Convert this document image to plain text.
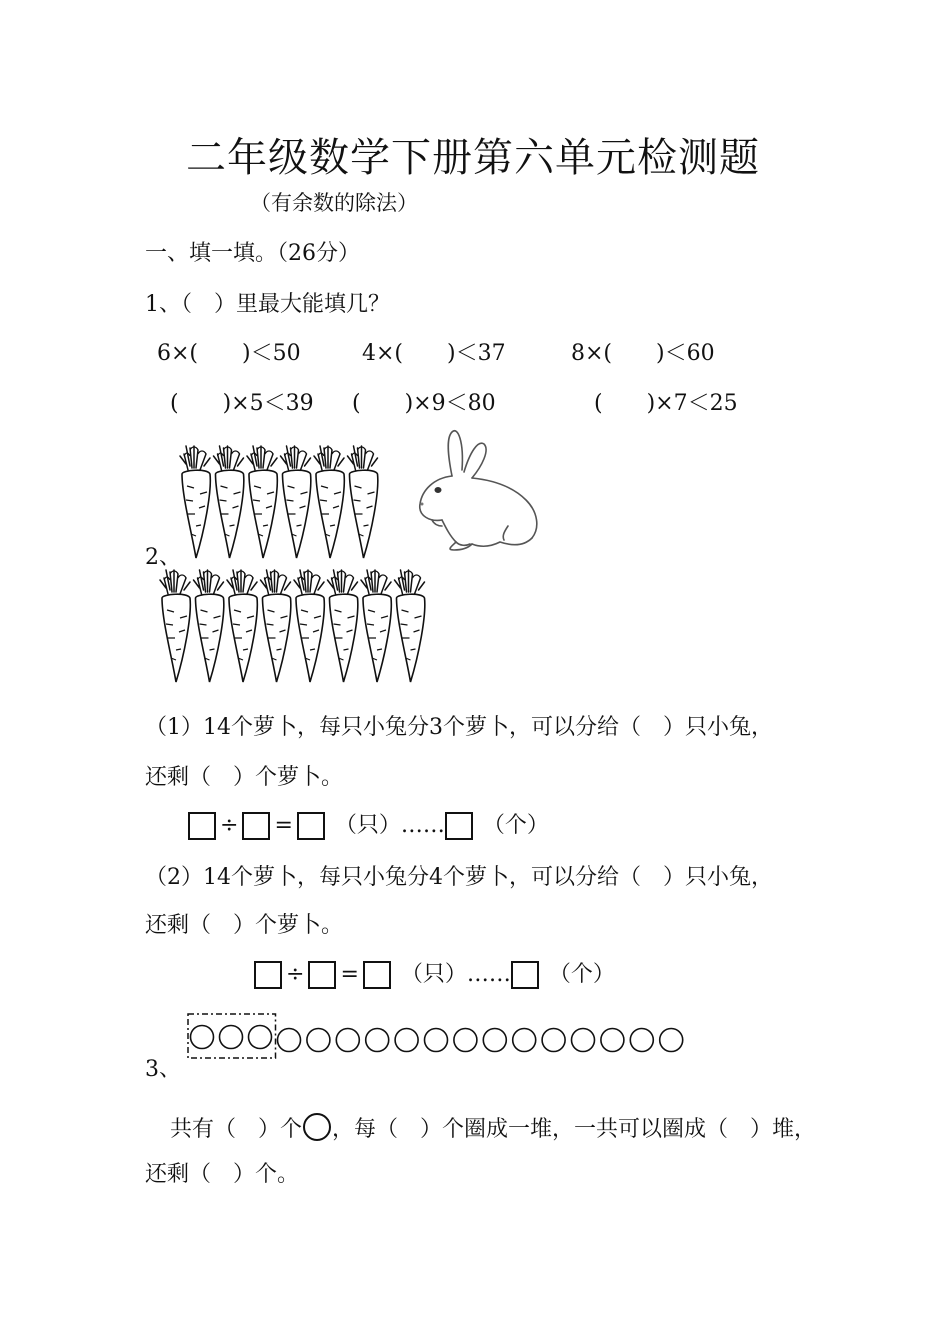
二年级数学下册第六单元检测题
（有余数的除法）
一、填一填。（26分）
1、（　）里最大能填几？
6×(　　)＜50	4×(　　)＜37	8×(　　)＜60
(　　)×5＜39 (　　)×9＜80	(　　)×7＜25
2、
（1）14个萝卜，每只小兔分3个萝卜，可以分给（　）只小兔，
还剩（　）个萝卜。
÷ = （只）…… （个）
（2）14个萝卜，每只小兔分4个萝卜，可以分给（　）只小兔，
还剩（　）个萝卜。
÷ = （只）…… （个）
3、
共有（　）个 ，每（　）个圈成一堆，一共可以圈成（　）堆，
还剩（　）个。
